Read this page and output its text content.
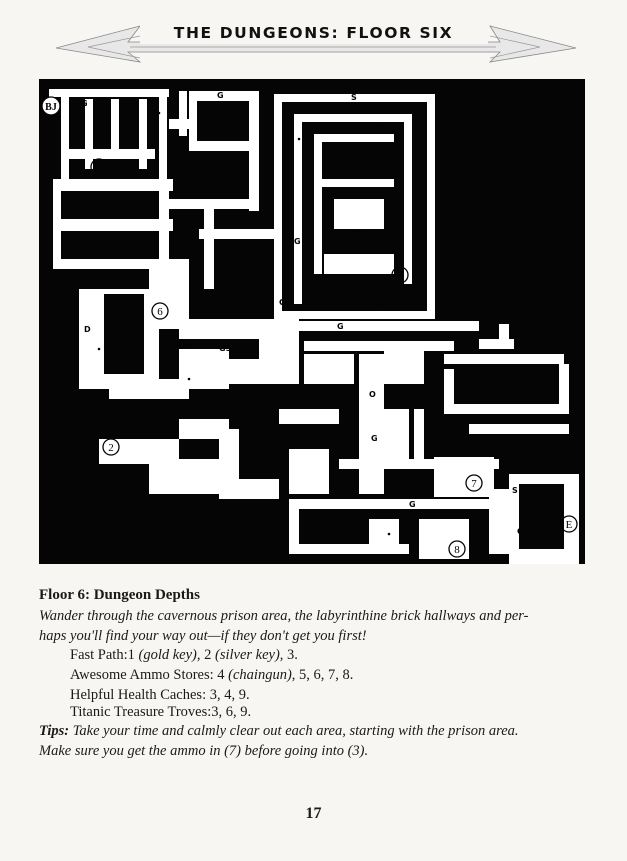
THE DUNGEONS: FLOOR SIX
BJ
5
4
9
1
6
2
7
3
E
8
G
G	S
S
G
G	S
D
D
O	GS
G
O
G
G
S S
G
O
Floor 6: Dungeon Depths
Wander through the cavernous prison area, the labyrinthine brick hallways and per-
haps you'll find your way out—if they don't get you first!
Fast Path:1 (gold key), 2 (silver key), 3.
Awesome Ammo Stores: 4 (chaingun), 5, 6, 7, 8.
Helpful Health Caches: 3, 4, 9.
Titanic Treasure Troves:3, 6, 9.
Tips: Take your time and calmly clear out each area, starting with the prison area.
Make sure you get the ammo in (7) before going into (3).
17
